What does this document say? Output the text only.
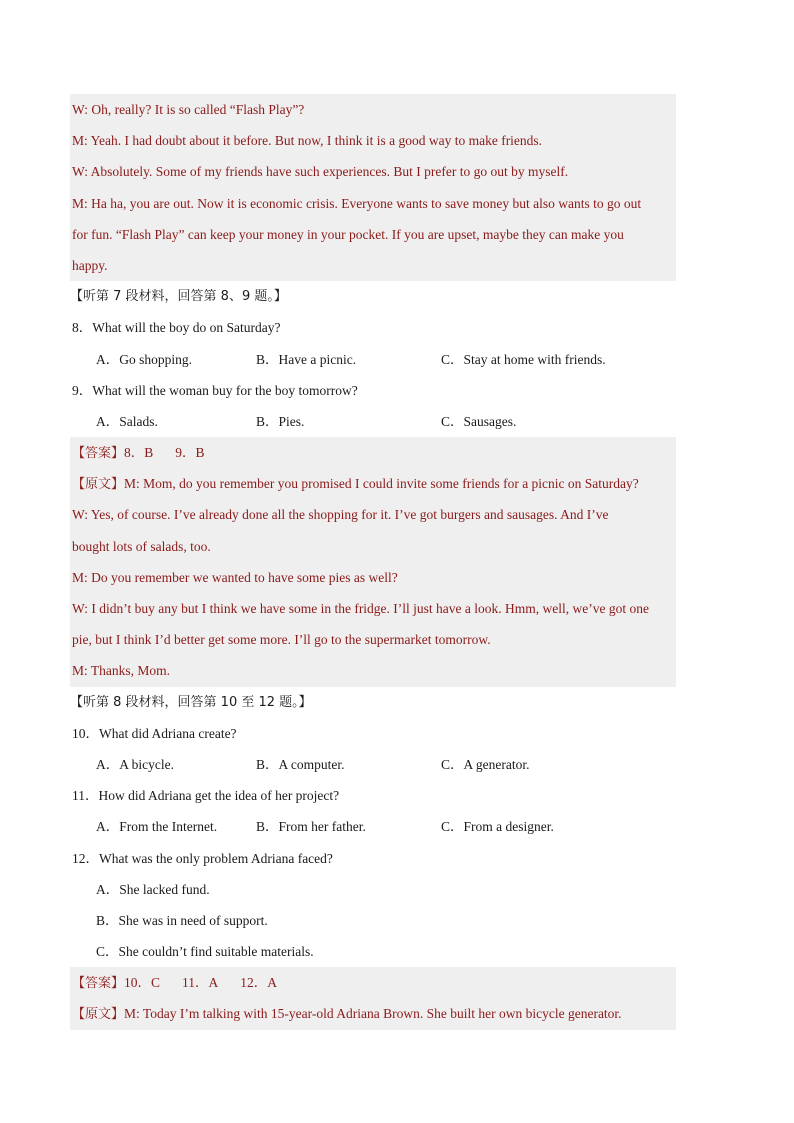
W: Oh, really? It is so called “Flash Play”?
M: Yeah. I had doubt about it before. But now, I think it is a good way to make friends.
W: Absolutely. Some of my friends have such experiences. But I prefer to go out by myself.
M: Ha ha, you are out. Now it is economic crisis. Everyone wants to save money but also wants to go out
for fun. “Flash Play” can keep your money in your pocket. If you are upset, maybe they can make you
happy.
【听第 7 段材料，回答第 8、9 题。】
8．What will the boy do on Saturday?
A．Go shopping.	B．Have a picnic.	C．Stay at home with friends.
9．What will the woman buy for the boy tomorrow?
A．Salads.	B．Pies.	C．Sausages.
【答案】8．B 9．B
【原文】M: Mom, do you remember you promised I could invite some friends for a picnic on Saturday?
W: Yes, of course. I’ve already done all the shopping for it. I’ve got burgers and sausages. And I’ve
bought lots of salads, too.
M: Do you remember we wanted to have some pies as well?
W: I didn’t buy any but I think we have some in the fridge. I’ll just have a look. Hmm, well, we’ve got one
pie, but I think I’d better get some more. I’ll go to the supermarket tomorrow.
M: Thanks, Mom.
【听第 8 段材料，回答第 10 至 12 题。】
10．What did Adriana create?
A．A bicycle.	B．A computer.	C．A generator.
11．How did Adriana get the idea of her project?
A．From the Internet.	B．From her father.	C．From a designer.
12．What was the only problem Adriana faced?
A．She lacked fund.
B．She was in need of support.
C．She couldn’t find suitable materials.
【答案】10．C 11．A 12．A
【原文】M: Today I’m talking with 15-year-old Adriana Brown. She built her own bicycle generator.
